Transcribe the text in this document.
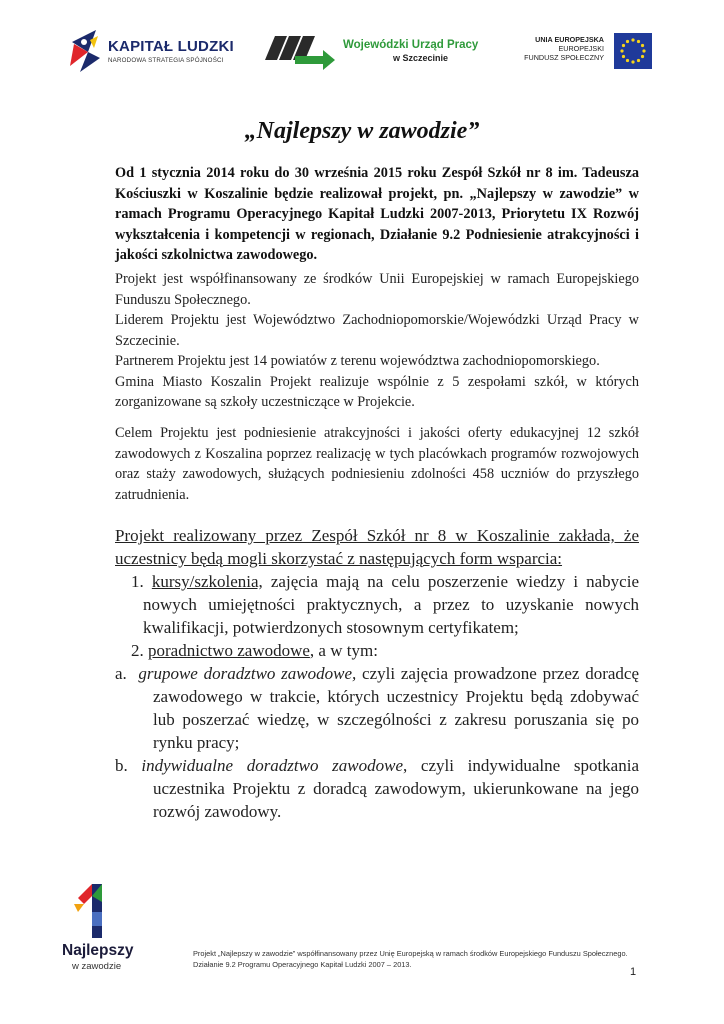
KAPITAŁ LUDZKI
NARODOWA STRATEGIA SPÓJNOŚCI
Wojewódzki Urząd Pracy
w Szczecinie
UNIA EUROPEJSKA
EUROPEJSKI
FUNDUSZ SPOŁECZNY
„Najlepszy w zawodzie”
Od 1 stycznia 2014 roku do 30 września 2015 roku Zespół Szkół nr 8 im. Tadeusza Kościuszki w Koszalinie będzie realizował projekt, pn. „Najlepszy w zawodzie” w ramach Programu Operacyjnego Kapitał Ludzki 2007-2013, Priorytetu IX Rozwój wykształcenia i kompetencji w regionach, Działanie 9.2 Podniesienie atrakcyjności i jakości szkolnictwa zawodowego.

Projekt jest współfinansowany ze środków Unii Europejskiej w ramach Europejskiego Funduszu Społecznego.

Liderem Projektu jest Województwo Zachodniopomorskie/Wojewódzki Urząd Pracy w Szczecinie.

Partnerem Projektu jest 14 powiatów z terenu województwa zachodniopomorskiego.

Gmina Miasto Koszalin Projekt realizuje wspólnie z 5 zespołami szkół, w których zorganizowane są szkoły uczestniczące w Projekcie.

Celem Projektu jest podniesienie atrakcyjności i jakości oferty edukacyjnej 12 szkół zawodowych z Koszalina poprzez realizację w tych placówkach programów rozwojowych oraz staży zawodowych, służących podniesieniu zdolności 458 uczniów do przyszłego zatrudnienia.
Projekt realizowany przez Zespół Szkół nr 8 w Koszalinie zakłada, że uczestnicy będą mogli skorzystać z następujących form wsparcia:
1. kursy/szkolenia, zajęcia mają na celu poszerzenie wiedzy i nabycie nowych umiejętności praktycznych, a przez to uzyskanie nowych kwalifikacji, potwierdzonych stosownym certyfikatem;
2. poradnictwo zawodowe, a w tym:
a. grupowe doradztwo zawodowe, czyli zajęcia prowadzone przez doradcę zawodowego w trakcie, których uczestnicy Projektu będą zdobywać lub poszerzać wiedzę, w szczególności z zakresu poruszania się po rynku pracy;
b. indywidualne doradztwo zawodowe, czyli indywidualne spotkania uczestnika Projektu z doradcą zawodowym, ukierunkowane na jego rozwój zawodowy.
Najlepszy
w zawodzie
Projekt „Najlepszy w zawodzie” współfinansowany przez Unię Europejską w ramach środków Europejskiego Funduszu Społecznego.
Działanie 9.2 Programu Operacyjnego Kapitał Ludzki 2007 – 2013.
1
